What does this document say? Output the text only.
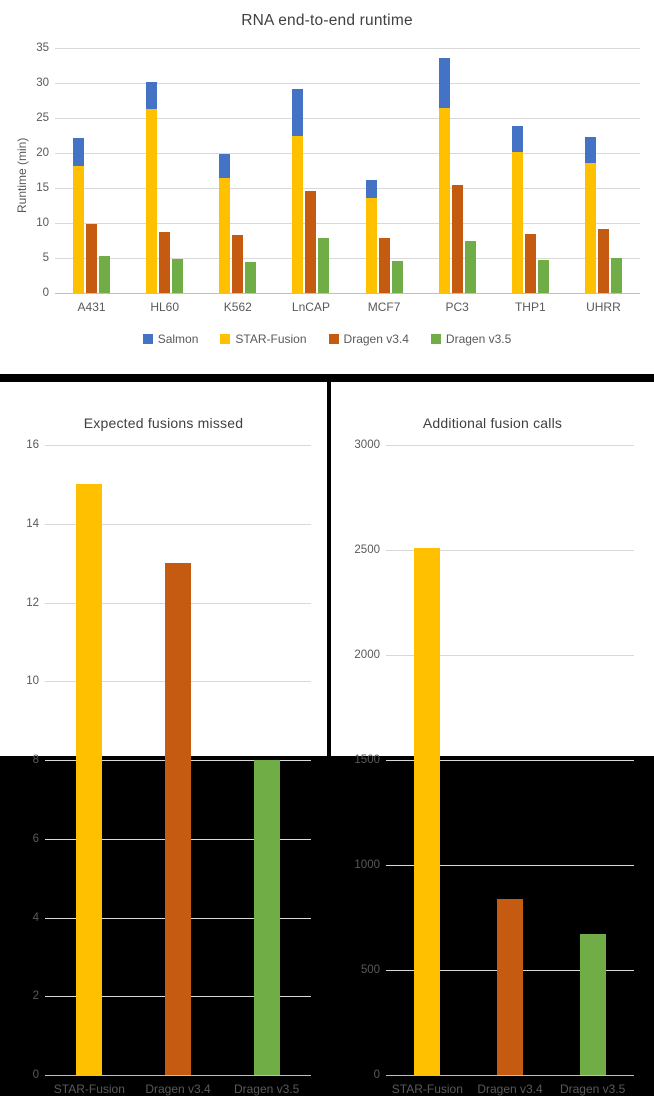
RNA end-to-end runtime
0
5
10
15
20
25
30
35
A431	HL60	K562	LnCAP	MCF7	PC3	THP1	UHRR
Runtime (min)
Salmon	STAR-Fusion	Dragen v3.4	Dragen v3.5
Expected fusions missed
0
2
4
6
8
10
12
14
16
STAR-Fusion Dragen v3.4 Dragen v3.5
Additional fusion calls
0
500
1000
1500
2000
2500
3000
STAR-Fusion Dragen v3.4 Dragen v3.5
